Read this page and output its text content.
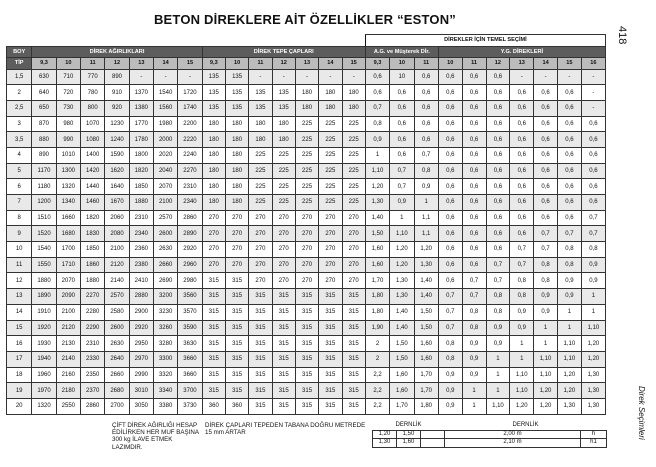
BETON DİREKLERE AİT ÖZELLİKLER “ESTON”
418
Direk Seçimleri
															DİREKLER İÇİN TEMEL SEÇİMİ									
BOY	DİREK AĞIRLIKLARI							DİREK TEPE ÇAPLARI							A.G. ve Müşterek Dİr.			Y.G. DİREKLERİ						
TİP	9,3	10	11	12	13	14	15	9,3	10	11	12	13	14	15	9,3	10	11	10	11	12	13	14	15	16
1,5	630	710	770	890	-	-	-	135	135	-	-	-	-	-	0,6	10	0,6	0,6	0,6	0,6	-	-	-	-
2	640	720	780	910	1370	1540	1720	135	135	135	135	180	180	180	0,6	0,6	0,6	0,6	0,6	0,6	0,6	0,6	0,6	-
2,5	650	730	800	920	1380	1560	1740	135	135	135	135	180	180	180	0,7	0,6	0,6	0,6	0,6	0,6	0,6	0,6	0,6	-
3	870	980	1070	1230	1770	1980	2200	180	180	180	180	225	225	225	0,8	0,6	0,6	0,6	0,6	0,6	0,6	0,6	0,6	0,6
3,5	880	990	1080	1240	1780	2000	2220	180	180	180	180	225	225	225	0,9	0,6	0,6	0,6	0,6	0,6	0,6	0,6	0,6	0,6
4	890	1010	1400	1590	1800	2020	2240	180	180	225	225	225	225	225	1	0,6	0,7	0,6	0,6	0,6	0,6	0,6	0,6	0,6
5	1170	1300	1420	1620	1820	2040	2270	180	180	225	225	225	225	225	1,10	0,7	0,8	0,6	0,6	0,6	0,6	0,6	0,6	0,6
6	1180	1320	1440	1640	1850	2070	2310	180	180	225	225	225	225	225	1,20	0,7	0,9	0,6	0,6	0,6	0,6	0,6	0,6	0,6
7	1200	1340	1460	1670	1880	2100	2340	180	180	225	225	225	225	225	1,30	0,9	1	0,6	0,6	0,6	0,6	0,6	0,6	0,6
8	1510	1660	1820	2060	2310	2570	2860	270	270	270	270	270	270	270	1,40	1	1,1	0,6	0,6	0,6	0,6	0,6	0,6	0,7
9	1520	1680	1830	2080	2340	2600	2890	270	270	270	270	270	270	270	1,50	1,10	1,1	0,6	0,6	0,6	0,6	0,7	0,7	0,7
10	1540	1700	1850	2100	2360	2630	2920	270	270	270	270	270	270	270	1,60	1,20	1,20	0,6	0,6	0,6	0,7	0,7	0,8	0,8
11	1550	1710	1860	2120	2380	2660	2960	270	270	270	270	270	270	270	1,60	1,20	1,30	0,6	0,6	0,7	0,7	0,8	0,8	0,9
12	1880	2070	1880	2140	2410	2690	2980	315	315	270	270	270	270	270	1,70	1,30	1,40	0,6	0,7	0,7	0,8	0,8	0,9	0,9
13	1890	2090	2270	2570	2880	3200	3560	315	315	315	315	315	315	315	1,80	1,30	1,40	0,7	0,7	0,8	0,8	0,9	0,9	1
14	1910	2100	2280	2580	2900	3230	3570	315	315	315	315	315	315	315	1,80	1,40	1,50	0,7	0,8	0,8	0,9	0,9	1	1
15	1920	2120	2290	2600	2920	3260	3590	315	315	315	315	315	315	315	1,90	1,40	1,50	0,7	0,8	0,9	0,9	1	1	1,10
16	1930	2130	2310	2630	2950	3280	3630	315	315	315	315	315	315	315	2	1,50	1,60	0,8	0,9	0,9	1	1	1,10	1,20
17	1940	2140	2330	2640	2970	3300	3660	315	315	315	315	315	315	315	2	1,50	1,60	0,8	0,9	1	1	1,10	1,10	1,20
18	1960	2160	2350	2660	2990	3320	3660	315	315	315	315	315	315	315	2,2	1,60	1,70	0,9	0,9	1	1,10	1,10	1,20	1,30
19	1970	2180	2370	2680	3010	3340	3700	315	315	315	315	315	315	315	2,2	1,60	1,70	0,9	1	1	1,10	1,20	1,20	1,30
20	1320	2550	2860	2700	3050	3380	3730	360	360	315	315	315	315	315	2,2	1,70	1,80	0,9	1	1,10	1,20	1,20	1,30	1,30
ÇİFT DİREK AĞIRLIĞI HESAP EDİLİRKEN HER MUF BAŞINA 300 kg İLAVE ETMEK LAZIMDIR.
DİREK ÇAPLARI TEPEDEN TABANA DOĞRU METREDE 15 mm ARTAR
DERNLİK			DERNLİK	
1,20	1,50		2,00 m	h
1,30	1,60		2,10 m	h1
